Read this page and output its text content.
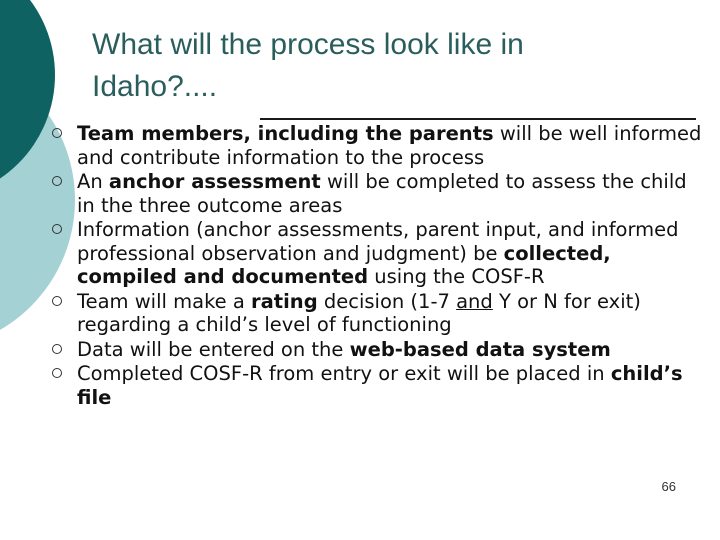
What will the process look like in
Idaho?....
Team members, including the parents will be well informed and contribute information to the process
An anchor assessment will be completed to assess the child in the three outcome areas
Information (anchor assessments, parent input, and informed professional observation and judgment) be collected, compiled and documented using the COSF-R
Team will make a rating decision (1-7 and Y or N for exit) regarding a child’s level of functioning
Data will be entered on the web-based data system
Completed COSF-R from entry or exit will be placed in child’s file
66
